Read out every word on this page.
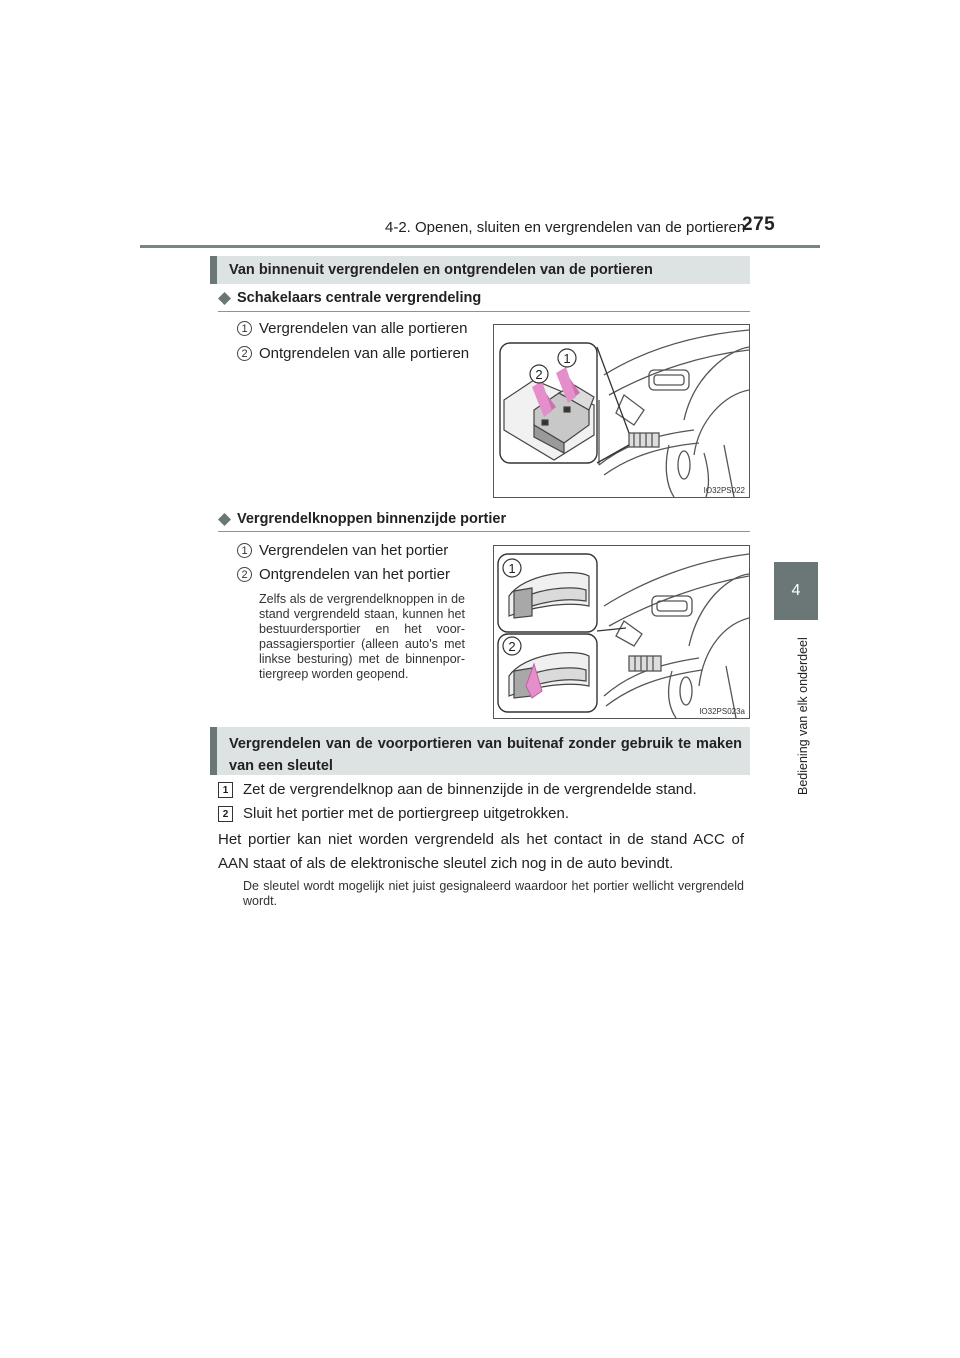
4-2. Openen, sluiten en vergrendelen van de portieren
275
4
Bediening van elk onderdeel
Van binnenuit vergrendelen en ontgrendelen van de portieren
Schakelaars centrale vergrendeling
1 Vergrendelen van alle portieren
2 Ontgrendelen van alle portieren
2
1
IO32PS022
Vergrendelknoppen binnenzijde portier
1 Vergrendelen van het portier
2 Ontgrendelen van het portier
Zelfs als de vergrendelknoppen in de stand vergrendeld staan, kunnen het bestuurdersportier en het voor-passagiersportier (alleen auto's met linkse besturing) met de binnenpor-tiergreep worden geopend.
1
2
IO32PS023a
Vergrendelen van de voorportieren van buitenaf zonder gebruik te maken van een sleutel
1 Zet de vergrendelknop aan de binnenzijde in de vergrendelde stand.
2 Sluit het portier met de portiergreep uitgetrokken.
Het portier kan niet worden vergrendeld als het contact in de stand ACC of AAN staat of als de elektronische sleutel zich nog in de auto bevindt.
De sleutel wordt mogelijk niet juist gesignaleerd waardoor het portier wellicht vergrendeld wordt.
